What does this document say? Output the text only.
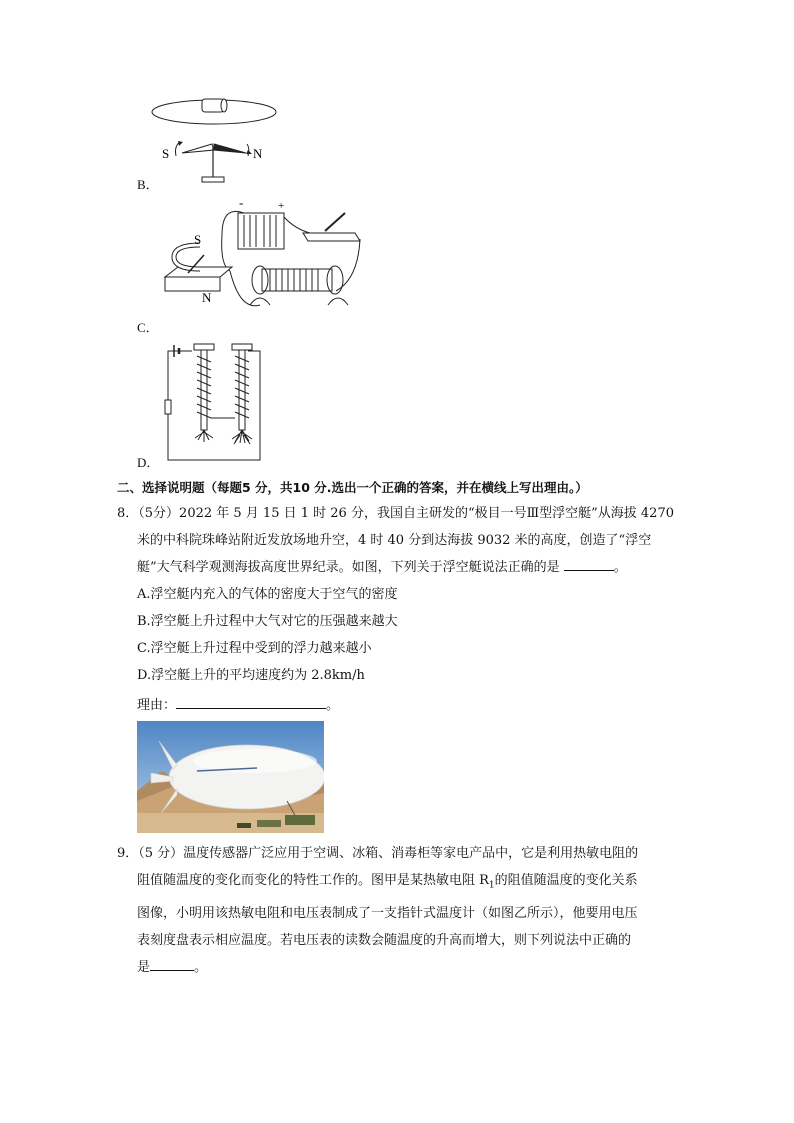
S	N
B．
-	+
S
N
C．
D．
二、选择说明题（每题5 分，共10 分.选出一个正确的答案，并在横线上写出理由。）
8．（5分）2022 年 5 月 15 日 1 时 26 分，我国自主研发的“极目一号Ⅲ型浮空艇”从海拔 4270
米的中科院珠峰站附近发放场地升空，4 时 40 分到达海拔 9032 米的高度，创造了“浮空
艇”大气科学观测海拔高度世界纪录。如图，下列关于浮空艇说法正确的是	。
A.浮空艇内充入的气体的密度大于空气的密度
B.浮空艇上升过程中大气对它的压强越来越大
C.浮空艇上升过程中受到的浮力越来越小
D.浮空艇上升的平均速度约为 2.8km/h
理由：	。
9．（5 分）温度传感器广泛应用于空调、冰箱、消毒柜等家电产品中，它是利用热敏电阻的
阻值随温度的变化而变化的特性工作的。图甲是某热敏电阻 $R_1$的阻值随温度的变化关系
图像，小明用该热敏电阻和电压表制成了一支指针式温度计（如图乙所示），他要用电压
表刻度盘表示相应温度。若电压表的读数会随温度的升高而增大，则下列说法中正确的
是	。
